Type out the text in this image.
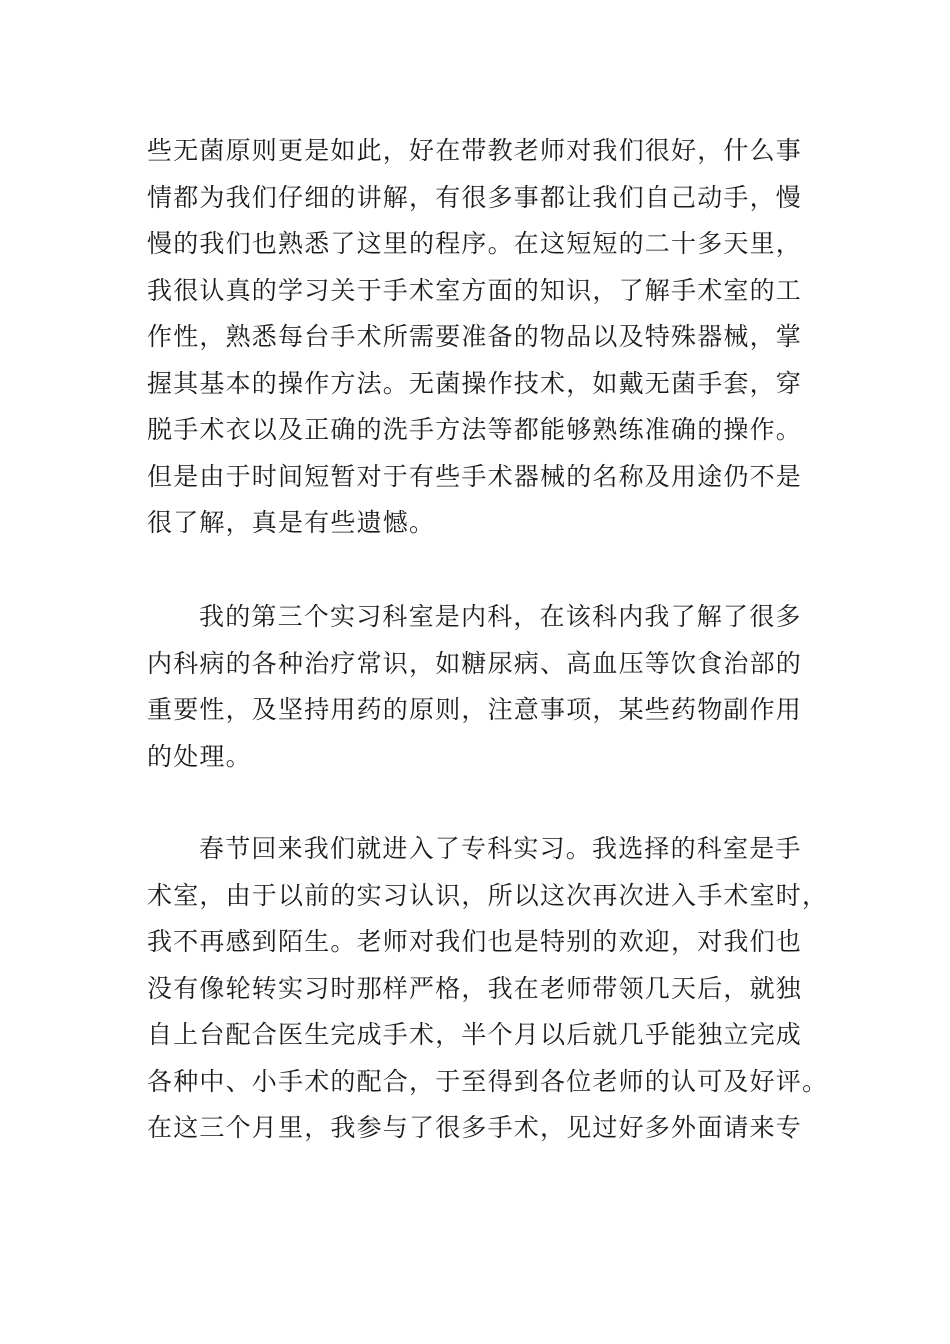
些无菌原则更是如此，好在带教老师对我们很好，什么事
情都为我们仔细的讲解，有很多事都让我们自己动手，慢
慢的我们也熟悉了这里的程序。在这短短的二十多天里，
我很认真的学习关于手术室方面的知识，了解手术室的工
作性，熟悉每台手术所需要准备的物品以及特殊器械，掌
握其基本的操作方法。无菌操作技术，如戴无菌手套，穿
脱手术衣以及正确的洗手方法等都能够熟练准确的操作。
但是由于时间短暂对于有些手术器械的名称及用途仍不是
很了解，真是有些遗憾。
我的第三个实习科室是内科，在该科内我了解了很多
内科病的各种治疗常识，如糖尿病、高血压等饮食治部的
重要性，及坚持用药的原则，注意事项，某些药物副作用
的处理。
春节回来我们就进入了专科实习。我选择的科室是手
术室，由于以前的实习认识，所以这次再次进入手术室时，
我不再感到陌生。老师对我们也是特别的欢迎，对我们也
没有像轮转实习时那样严格，我在老师带领几天后，就独
自上台配合医生完成手术，半个月以后就几乎能独立完成
各种中、小手术的配合，于至得到各位老师的认可及好评。
在这三个月里，我参与了很多手术，见过好多外面请来专
